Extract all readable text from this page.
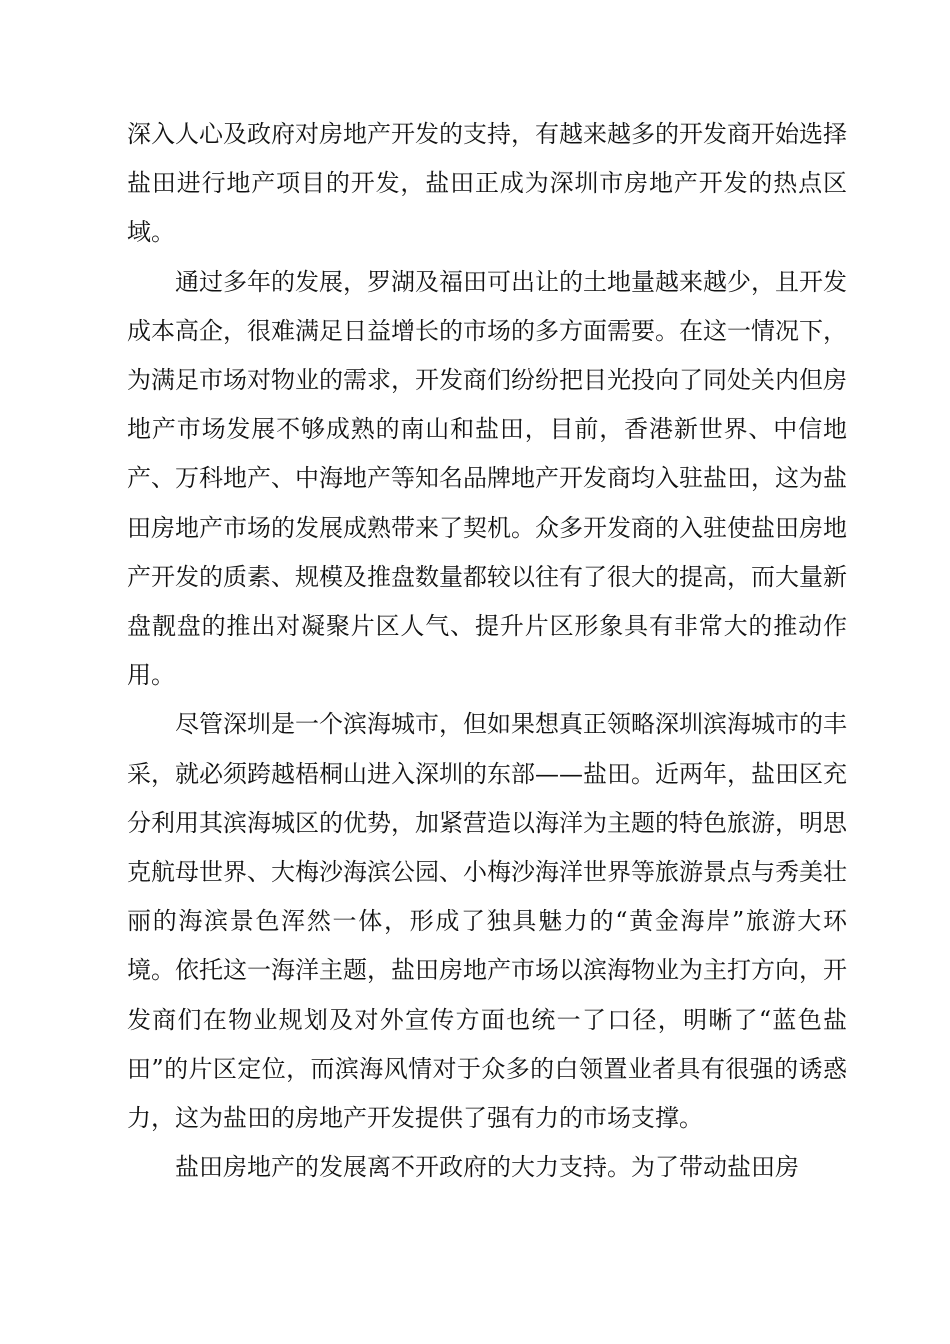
深入人心及政府对房地产开发的支持，有越来越多的开发商开始选择盐田进行地产项目的开发，盐田正成为深圳市房地产开发的热点区域。

通过多年的发展，罗湖及福田可出让的土地量越来越少，且开发成本高企，很难满足日益增长的市场的多方面需要。在这一情况下，为满足市场对物业的需求，开发商们纷纷把目光投向了同处关内但房地产市场发展不够成熟的南山和盐田，目前，香港新世界、中信地产、万科地产、中海地产等知名品牌地产开发商均入驻盐田，这为盐田房地产市场的发展成熟带来了契机。众多开发商的入驻使盐田房地产开发的质素、规模及推盘数量都较以往有了很大的提高，而大量新盘靓盘的推出对凝聚片区人气、提升片区形象具有非常大的推动作用。

尽管深圳是一个滨海城市，但如果想真正领略深圳滨海城市的丰采，就必须跨越梧桐山进入深圳的东部——盐田。近两年，盐田区充分利用其滨海城区的优势，加紧营造以海洋为主题的特色旅游，明思克航母世界、大梅沙海滨公园、小梅沙海洋世界等旅游景点与秀美壮丽的海滨景色浑然一体，形成了独具魅力的“黄金海岸”旅游大环境。依托这一海洋主题，盐田房地产市场以滨海物业为主打方向，开发商们在物业规划及对外宣传方面也统一了口径，明晰了“蓝色盐田”的片区定位，而滨海风情对于众多的白领置业者具有很强的诱惑力，这为盐田的房地产开发提供了强有力的市场支撑。

盐田房地产的发展离不开政府的大力支持。为了带动盐田房
